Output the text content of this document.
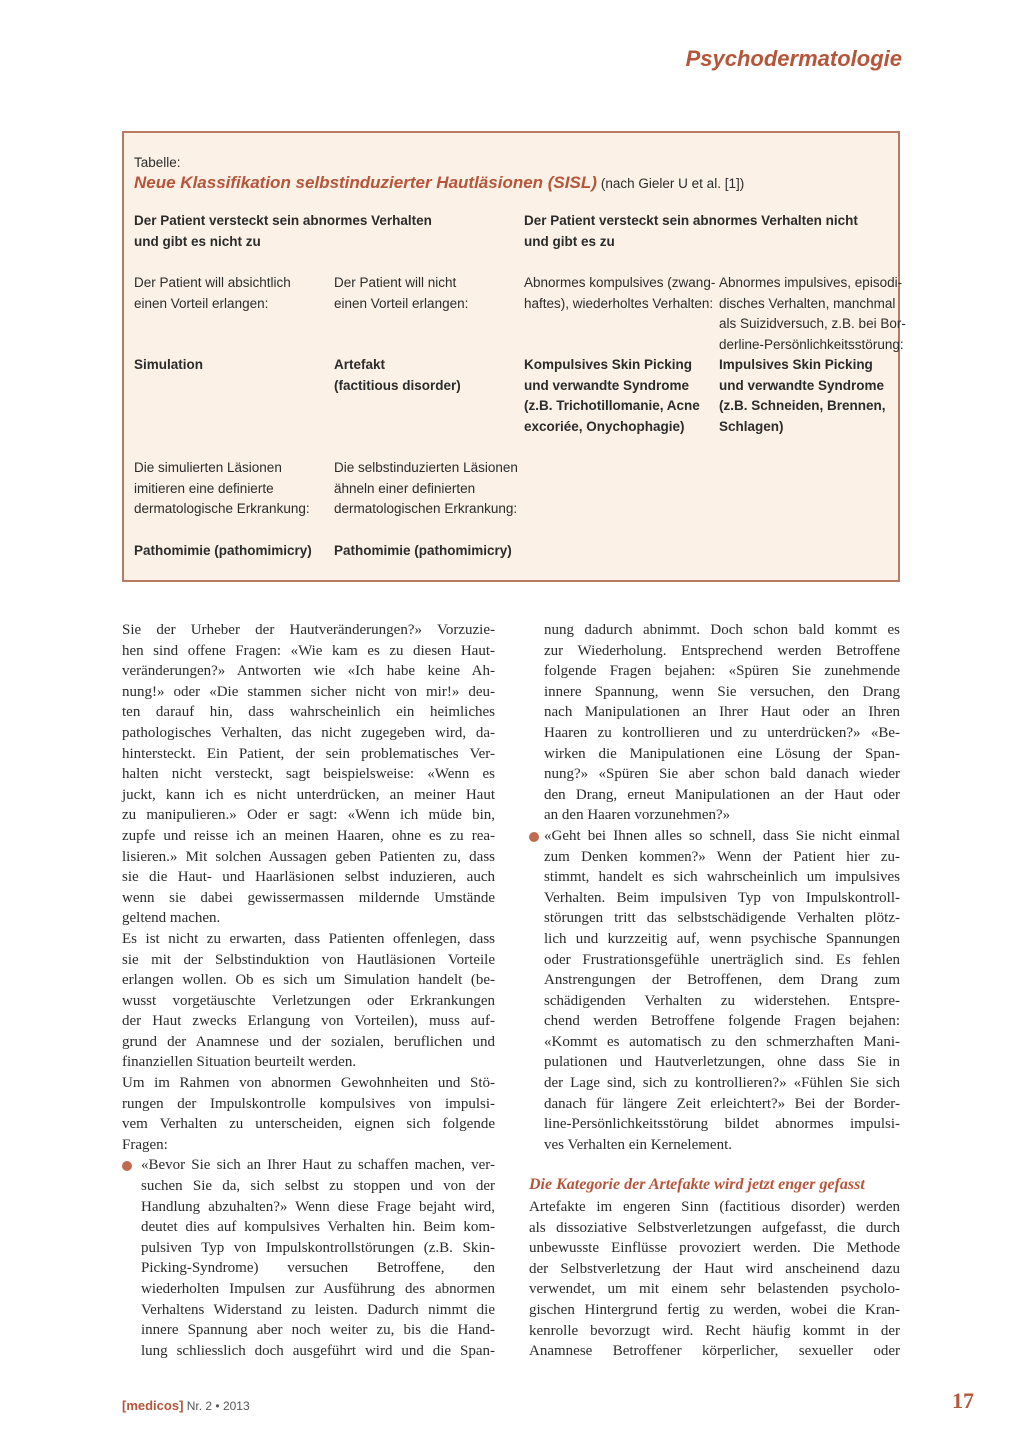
Psychodermatologie
Tabelle:
Neue Klassifikation selbstinduzierter Hautläsionen (SISL) (nach Gieler U et al. [1])
Der Patient versteckt sein abnormes Verhalten
und gibt es nicht zu
Der Patient versteckt sein abnormes Verhalten nicht
und gibt es zu
Der Patient will absichtlich
einen Vorteil erlangen:
Der Patient will nicht
einen Vorteil erlangen:
Abnormes kompulsives (zwang-
haftes), wiederholtes Verhalten:
Abnormes impulsives, episodi-
disches Verhalten, manchmal
als Suizidversuch, z.B. bei Bor-
derline-Persönlichkeitsstörung:
Simulation	Artefakt
(factitious disorder)
Kompulsives Skin Picking
und verwandte Syndrome
(z.B. Trichotillomanie, Acne
excoriée, Onychophagie)
Impulsives Skin Picking
und verwandte Syndrome
(z.B. Schneiden, Brennen,
Schlagen)
Die simulierten Läsionen
imitieren eine definierte
dermatologische Erkrankung:
Die selbstinduzierten Läsionen
ähneln einer definierten
dermatologischen Erkrankung:
Pathomimie (pathomimicry) Pathomimie (pathomimicry)

Sie der Urheber der Hautveränderungen?» Vorzuzie-
hen sind offene Fragen: «Wie kam es zu diesen Haut-
veränderungen?» Antworten wie «Ich habe keine Ah-
nung!» oder «Die stammen sicher nicht von mir!» deu-
ten darauf hin, dass wahrscheinlich ein heimliches
pathologisches Verhalten, das nicht zugegeben wird, da-
hintersteckt. Ein Patient, der sein problematisches Ver-
halten nicht versteckt, sagt beispielsweise: «Wenn es
juckt, kann ich es nicht unterdrücken, an meiner Haut
zu manipulieren.» Oder er sagt: «Wenn ich müde bin,
zupfe und reisse ich an meinen Haaren, ohne es zu rea-
lisieren.» Mit solchen Aussagen geben Patienten zu, dass
sie die Haut- und Haarläsionen selbst induzieren, auch
wenn sie dabei gewissermassen mildernde Umstände
geltend machen.

Es ist nicht zu erwarten, dass Patienten offenlegen, dass
sie mit der Selbstinduktion von Hautläsionen Vorteile
erlangen wollen. Ob es sich um Simulation handelt (be-
wusst vorgetäuschte Verletzungen oder Erkrankungen
der Haut zwecks Erlangung von Vorteilen), muss auf-
grund der Anamnese und der sozialen, beruflichen und
finanziellen Situation beurteilt werden.

Um im Rahmen von abnormen Gewohnheiten und Stö-
rungen der Impulskontrolle kompulsives von impulsi-
vem Verhalten zu unterscheiden, eignen sich folgende
Fragen:

«Bevor Sie sich an Ihrer Haut zu schaffen machen, ver-
suchen Sie da, sich selbst zu stoppen und von der
Handlung abzuhalten?» Wenn diese Frage bejaht wird,
deutet dies auf kompulsives Verhalten hin. Beim kom-
pulsiven Typ von Impulskontrollstörungen (z.B. Skin-
Picking-Syndrome) versuchen Betroffene, den
wiederholten Impulsen zur Ausführung des abnormen
Verhaltens Widerstand zu leisten. Dadurch nimmt die
innere Spannung aber noch weiter zu, bis die Hand-
lung schliesslich doch ausgeführt wird und die Span-

nung dadurch abnimmt. Doch schon bald kommt es
zur Wiederholung. Entsprechend werden Betroffene
folgende Fragen bejahen: «Spüren Sie zunehmende
innere Spannung, wenn Sie versuchen, den Drang
nach Manipulationen an Ihrer Haut oder an Ihren
Haaren zu kontrollieren und zu unterdrücken?» «Be-
wirken die Manipulationen eine Lösung der Span-
nung?» «Spüren Sie aber schon bald danach wieder
den Drang, erneut Manipulationen an der Haut oder
an den Haaren vorzunehmen?»

«Geht bei Ihnen alles so schnell, dass Sie nicht einmal
zum Denken kommen?» Wenn der Patient hier zu-
stimmt, handelt es sich wahrscheinlich um impulsives
Verhalten. Beim impulsiven Typ von Impulskontroll-
störungen tritt das selbstschädigende Verhalten plötz-
lich und kurzzeitig auf, wenn psychische Spannungen
oder Frustrationsgefühle unerträglich sind. Es fehlen
Anstrengungen der Betroffenen, dem Drang zum
schädigenden Verhalten zu widerstehen. Entspre-
chend werden Betroffene folgende Fragen bejahen:
«Kommt es automatisch zu den schmerzhaften Mani-
pulationen und Hautverletzungen, ohne dass Sie in
der Lage sind, sich zu kontrollieren?» «Fühlen Sie sich
danach für längere Zeit erleichtert?» Bei der Border-
line-Persönlichkeitsstörung bildet abnormes impulsi-
ves Verhalten ein Kernelement.

Die Kategorie der Artefakte wird jetzt enger gefasst

Artefakte im engeren Sinn (factitious disorder) werden
als dissoziative Selbstverletzungen aufgefasst, die durch
unbewusste Einflüsse provoziert werden. Die Methode
der Selbstverletzung der Haut wird anscheinend dazu
verwendet, um mit einem sehr belastenden psycholo-
gischen Hintergrund fertig zu werden, wobei die Kran-
kenrolle bevorzugt wird. Recht häufig kommt in der
Anamnese Betroffener körperlicher, sexueller oder

[medicos] Nr. 2 • 2013	17
